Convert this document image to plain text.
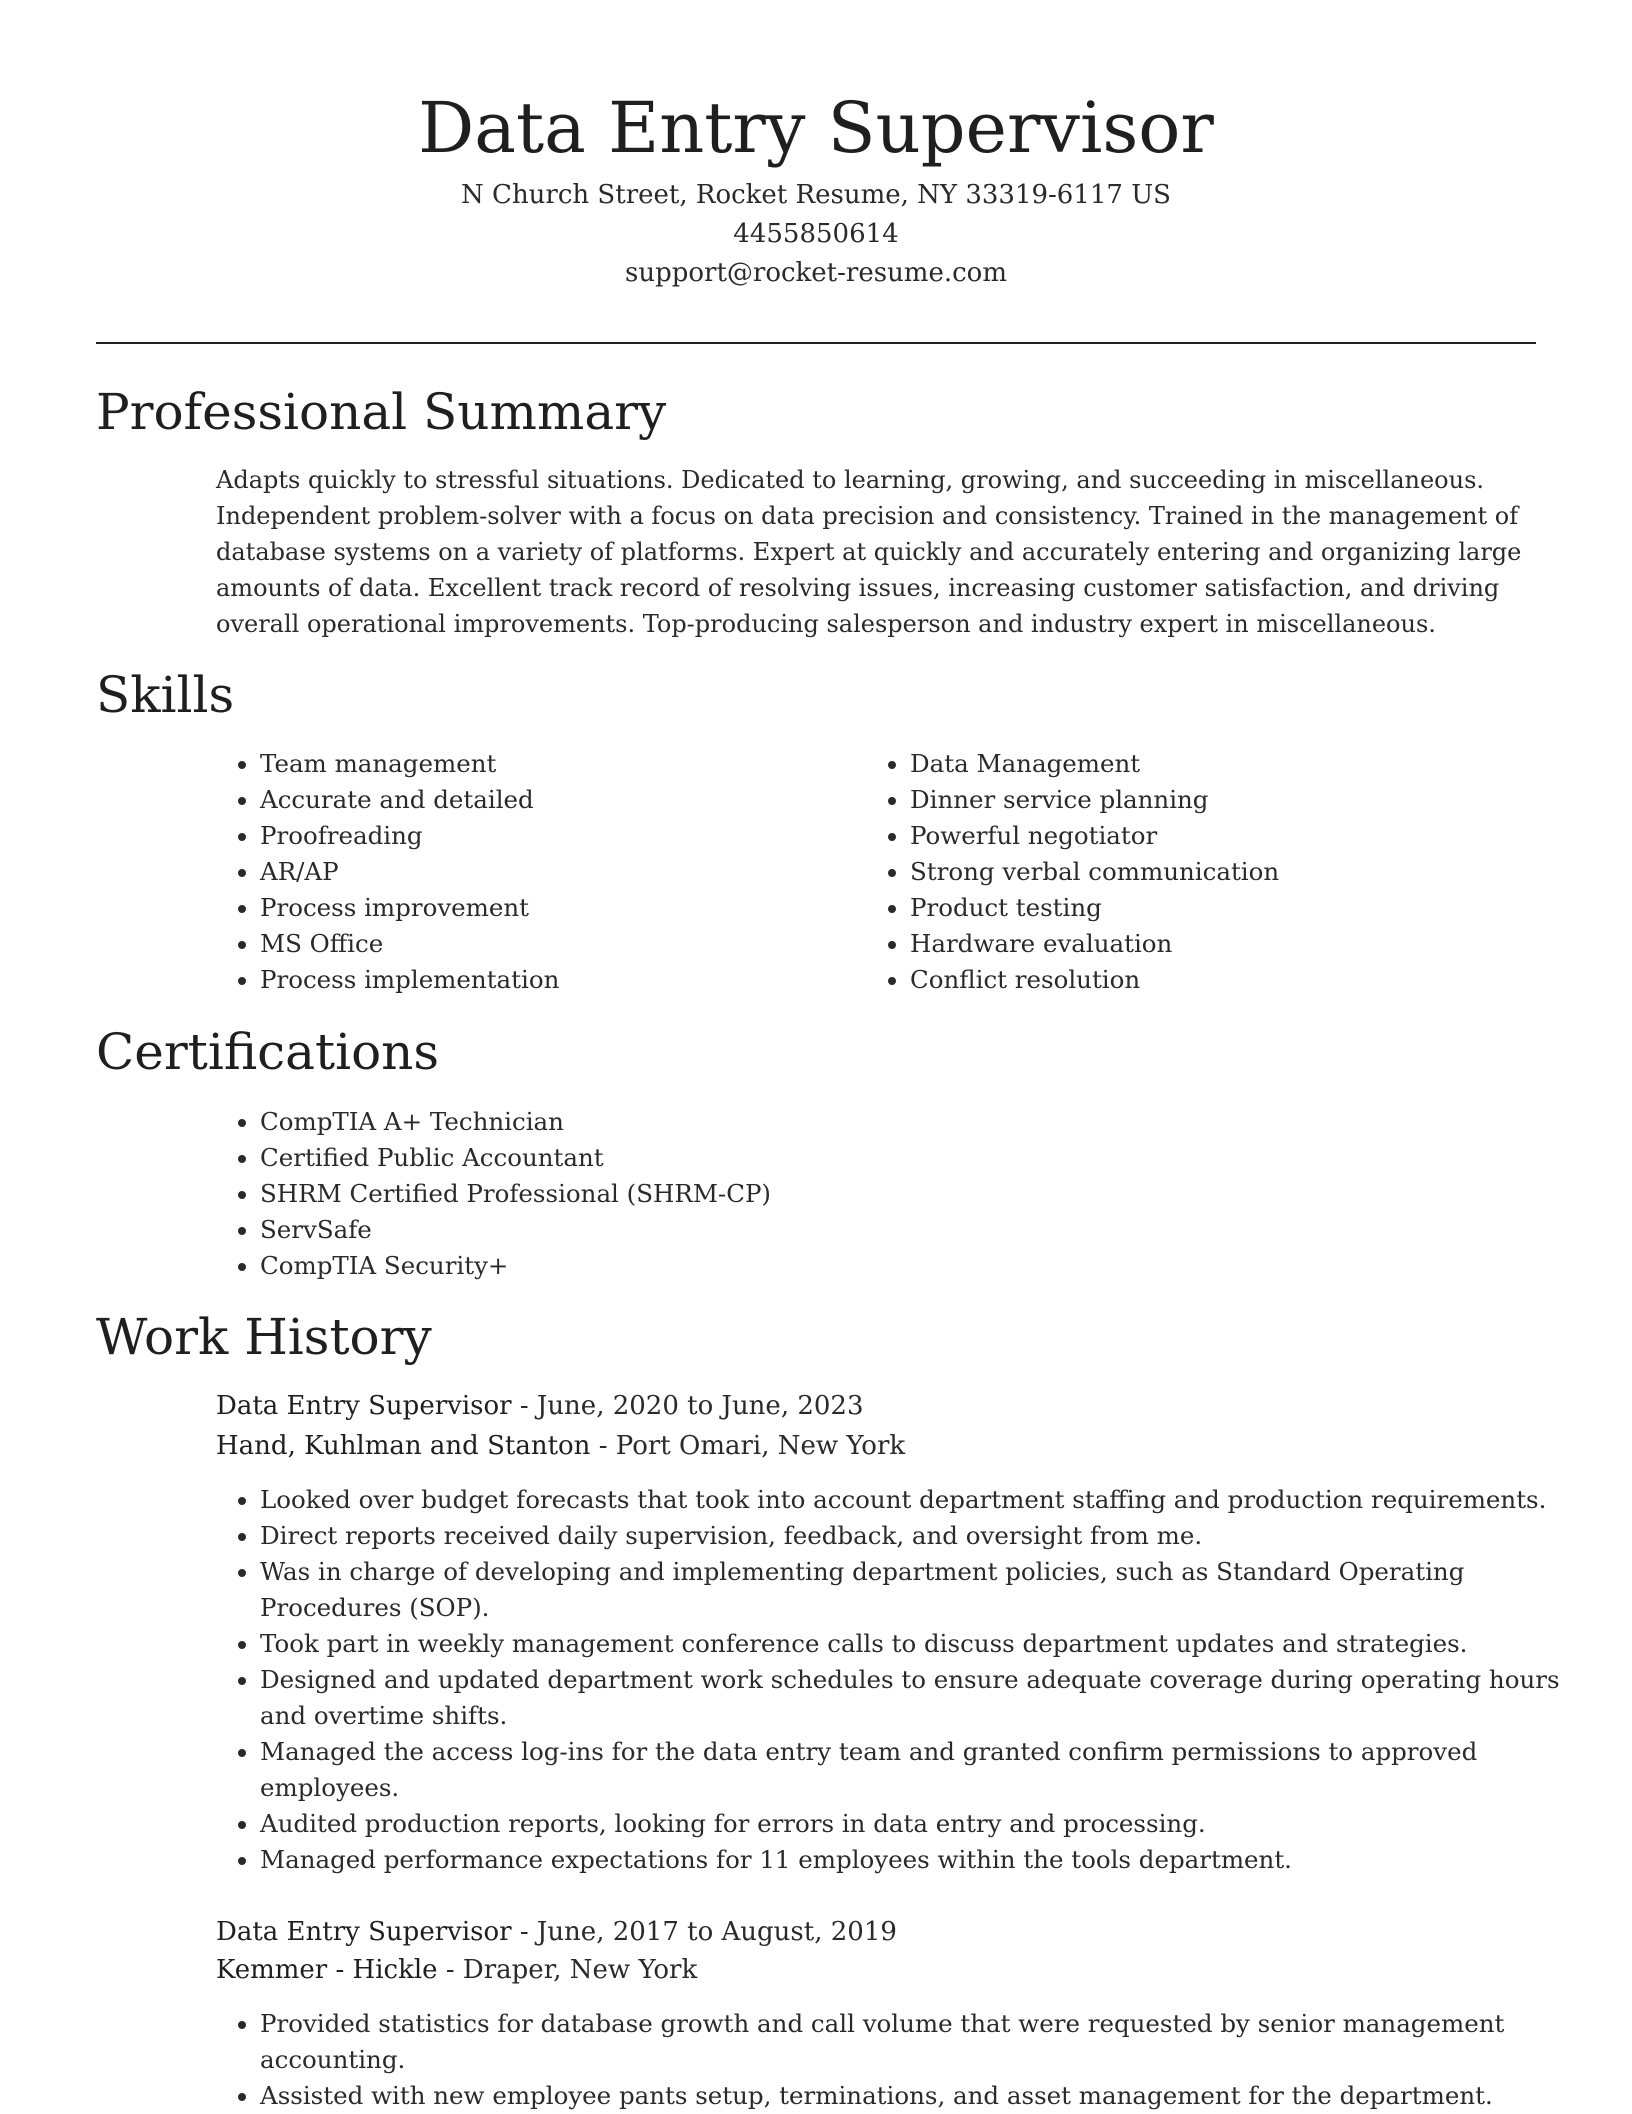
Data Entry Supervisor
N Church Street, Rocket Resume, NY 33319-6117 US
4455850614
support@rocket-resume.com
Professional Summary

Adapts quickly to stressful situations. Dedicated to learning, growing, and succeeding in miscellaneous. Independent problem-solver with a focus on data precision and consistency. Trained in the management of database systems on a variety of platforms. Expert at quickly and accurately entering and organizing large amounts of data. Excellent track record of resolving issues, increasing customer satisfaction, and driving overall operational improvements. Top-producing salesperson and industry expert in miscellaneous.

Skills
• Team management
• Accurate and detailed
• Proofreading
• AR/AP
• Process improvement
• MS Office
• Process implementation
• Data Management
• Dinner service planning
• Powerful negotiator
• Strong verbal communication
• Product testing
• Hardware evaluation
• Conflict resolution
Certifications
• CompTIA A+ Technician
• Certified Public Accountant
• SHRM Certified Professional (SHRM-CP)
• ServSafe
• CompTIA Security+
Work History
Data Entry Supervisor - June, 2020 to June, 2023
Hand, Kuhlman and Stanton - Port Omari, New York
• Looked over budget forecasts that took into account department staffing and production requirements.
• Direct reports received daily supervision, feedback, and oversight from me.
• Was in charge of developing and implementing department policies, such as Standard Operating Procedures (SOP).
• Took part in weekly management conference calls to discuss department updates and strategies.
• Designed and updated department work schedules to ensure adequate coverage during operating hours and overtime shifts.
• Managed the access log-ins for the data entry team and granted confirm permissions to approved employees.
• Audited production reports, looking for errors in data entry and processing.
• Managed performance expectations for 11 employees within the tools department.
Data Entry Supervisor - June, 2017 to August, 2019
Kemmer - Hickle - Draper, New York
• Provided statistics for database growth and call volume that were requested by senior management accounting.
• Assisted with new employee pants setup, terminations, and asset management for the department.
